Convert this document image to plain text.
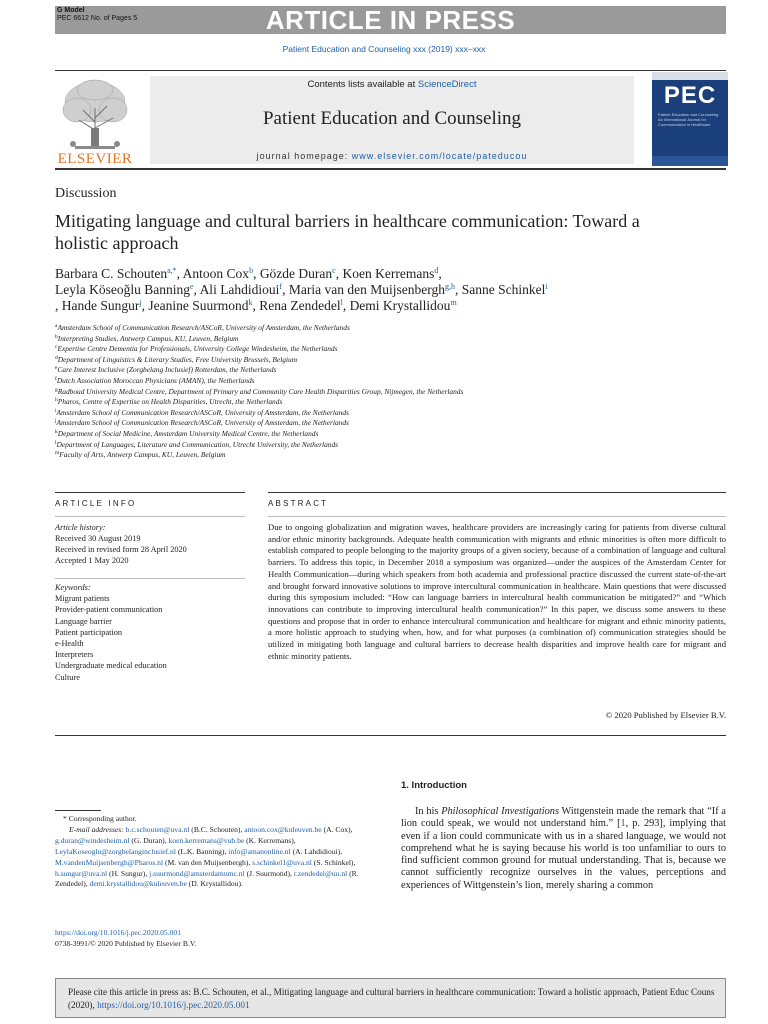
ARTICLE IN PRESS
G Model
PEC 6612 No. of Pages 5
Patient Education and Counseling xxx (2019) xxx–xxx
ELSEVIER
Contents lists available at ScienceDirect
Patient Education and Counseling
journal homepage: www.elsevier.com/locate/pateducou
PEC
Patient Education and Counseling · An International Journal for Communication in Healthcare
Discussion
Mitigating language and cultural barriers in healthcare communication: Toward a holistic approach
Barbara C. Schouten$^{a,*}$, Antoon Cox$^b$, Gözde Duran$^c$, Koen Kerremans$^d$,
Leyla Köseoğlu Banning$^e$, Ali Lahdidioui$^f$, Maria van den Muijsenbergh$^{g,h}$, Sanne Schinkel$^i$
, Hande Sungur$^j$, Jeanine Suurmond$^k$, Rena Zendedel$^l$, Demi Krystallidou$^m$
$^a$Amsterdam School of Communication Research/ASCoR, University of Amsterdam, the Netherlands
$^b$Interpreting Studies, Antwerp Campus, KU, Leuven, Belgium
$^c$Expertise Centre Dementia for Professionals, University College Windesheim, the Netherlands
$^d$Department of Linguistics & Literary Studies, Free University Brussels, Belgium
$^e$Care Interest Inclusive (Zorgbelang Inclusief) Rotterdam, the Netherlands
$^f$Dutch Association Moroccan Physicians (AMAN), the Netherlands
$^g$Radboud University Medical Centre, Department of Primary and Community Care Health Disparities Group, Nijmegen, the Netherlands
$^h$Pharos, Centre of Expertise on Health Disparities, Utrecht, the Netherlands
$^i$Amsterdam School of Communication Research/ASCoR, University of Amsterdam, the Netherlands
$^j$Amsterdam School of Communication Research/ASCoR, University of Amsterdam, the Netherlands
$^k$Department of Social Medicine, Amsterdam University Medical Centre, the Netherlands
$^l$Department of Languages, Literature and Communication, Utrecht University, the Netherlands
$^m$Faculty of Arts, Antwerp Campus, KU, Leuven, Belgium
ARTICLE INFO	ABSTRACT
Article history:
Received 30 August 2019
Received in revised form 28 April 2020
Accepted 1 May 2020
Keywords:
Migrant patients
Provider-patient communication
Language barrier
Patient participation
e-Health
Interpreters
Undergraduate medical education
Culture
Due to ongoing globalization and migration waves, healthcare providers are increasingly caring for patients from diverse cultural and/or ethnic minority backgrounds. Adequate health communication with migrants and ethnic minorities is often more difficult to establish compared to people belonging to the majority groups of a given society, because of a combination of language and cultural barriers. To address this topic, in December 2018 a symposium was organized—under the auspices of the Amsterdam Center for Health Communication—during which speakers from both academia and professional practice discussed the current state-of-the-art and brought forward innovative solutions to improve intercultural communication in healthcare. Main questions that were discussed during this symposium included: “How can language barriers in intercultural health communication be mitigated?” and “Which innovations can contribute to improving intercultural health communication?” In this paper, we discuss some answers to these questions and propose that in order to enhance intercultural communication and healthcare for migrant and ethnic minority patients, a more holistic approach to studying when, how, and for what purposes (a combination of) communication strategies should be utilized in mitigating both language and cultural barriers to decrease health disparities and improve health care for migrant and ethnic minority patients.
© 2020 Published by Elsevier B.V.
1. Introduction
In his Philosophical Investigations Wittgenstein made the remark that “If a lion could speak, we would not understand him.” [1, p. 293], implying that even if a lion could communicate with us in a shared language, we would not comprehend what he is saying because his world is too unfamiliar to ours to find sufficient common ground for mutual understanding. That is, because we cannot sufficiently recognize ourselves in the values, perceptions and experiences of Wittgenstein’s lion, merely sharing a common
* Corresponding author.
E-mail addresses: b.c.schouten@uva.nl (B.C. Schouten), antoon.cox@kuleuven.be (A. Cox), g.duran@windesheim.nl (G. Duran), koen.kerremans@vub.be (K. Kerremans), LeylaKoseoglu@zorgbelanginclusief.nl (L.K. Banning), info@amanonline.nl (A. Lahdidioui), M.vandenMuijsenbergh@Pharos.nl (M. van den Muijsenbergh), s.schinkel1@uva.nl (S. Schinkel), h.sungur@uva.nl (H. Sungur), j.suurmond@amsterdamumc.nl (J. Suurmond), r.zendedel@uu.nl (R. Zendedel), demi.krystallidou@kuleuven.be (D. Krystallidou).
https://doi.org/10.1016/j.pec.2020.05.001
0738-3991/© 2020 Published by Elsevier B.V.
Please cite this article in press as: B.C. Schouten, et al., Mitigating language and cultural barriers in healthcare communication: Toward a holistic approach, Patient Educ Couns (2020), https://doi.org/10.1016/j.pec.2020.05.001
